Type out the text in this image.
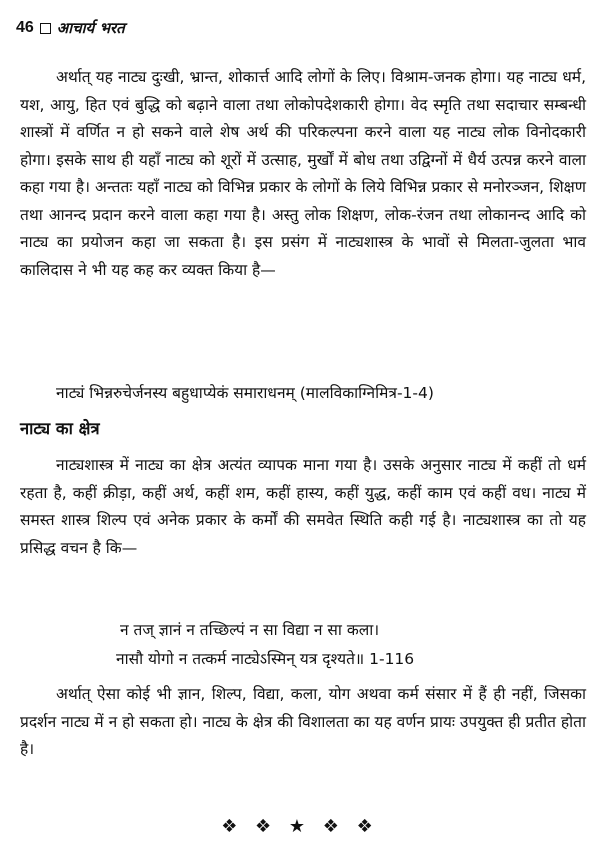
46 आचार्य भरत
अर्थात् यह नाट्य दुःखी, भ्रान्त, शोकार्त्त आदि लोगों के लिए। विश्राम-जनक होगा। यह नाट्य धर्म, यश, आयु, हित एवं बुद्धि को बढ़ाने वाला तथा लोकोपदेशकारी होगा। वेद स्मृति तथा सदाचार सम्बन्धी शास्त्रों में वर्णित न हो सकने वाले शेष अर्थ की परिकल्पना करने वाला यह नाट्य लोक विनोदकारी होगा। इसके साथ ही यहाँ नाट्य को शूरों में उत्साह, मुर्खों में बोध तथा उद्विग्नों में धैर्य उत्पन्न करने वाला कहा गया है। अन्ततः यहाँ नाट्य को विभिन्न प्रकार के लोगों के लिये विभिन्न प्रकार से मनोरञ्जन, शिक्षण तथा आनन्द प्रदान करने वाला कहा गया है। अस्तु लोक शिक्षण, लोक-रंजन तथा लोकानन्द आदि को नाट्य का प्रयोजन कहा जा सकता है। इस प्रसंग में नाट्यशास्त्र के भावों से मिलता-जुलता भाव कालिदास ने भी यह कह कर व्यक्त किया है—
नाट्यं भिन्नरुचेर्जनस्य बहुधाप्येकं समाराधनम् (मालविकाग्निमित्र-1-4)
नाट्य का क्षेत्र
नाट्यशास्त्र में नाट्य का क्षेत्र अत्यंत व्यापक माना गया है। उसके अनुसार नाट्य में कहीं तो धर्म रहता है, कहीं क्रीड़ा, कहीं अर्थ, कहीं शम, कहीं हास्य, कहीं युद्ध, कहीं काम एवं कहीं वध। नाट्य में समस्त शास्त्र शिल्प एवं अनेक प्रकार के कर्मों की समवेत स्थिति कही गई है। नाट्यशास्त्र का तो यह प्रसिद्ध वचन है कि—
न तज् ज्ञानं न तच्छिल्पं न सा विद्या न सा कला।
नासौ योगो न तत्कर्म नाट्येऽस्मिन् यत्र दृश्यते॥ 1-116
अर्थात् ऐसा कोई भी ज्ञान, शिल्प, विद्या, कला, योग अथवा कर्म संसार में हैं ही नहीं, जिसका प्रदर्शन नाट्य में न हो सकता हो। नाट्य के क्षेत्र की विशालता का यह वर्णन प्रायः उपयुक्त ही प्रतीत होता है।
❖ ❖ ★ ❖ ❖
